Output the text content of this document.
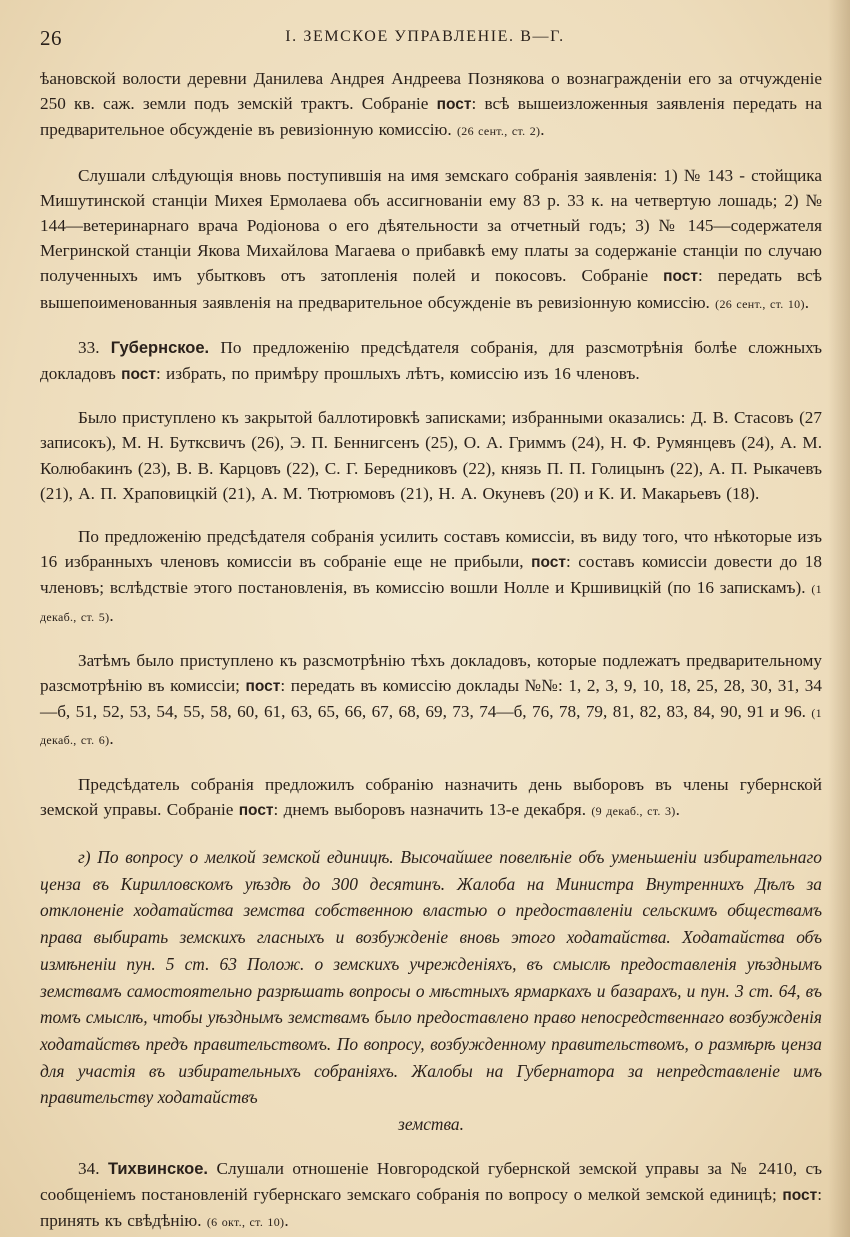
26	I. ЗЕМСКОЕ УПРАВЛЕНІЕ. В—Г.

ѣановской волости деревни Данилева Андрея Андреева Познякова о вознагражденіи его за отчужденіе 250 кв. саж. земли подъ земскій трактъ. Собраніе пост: всѣ вышеизложенныя заявленія передать на предварительное обсужденіе въ ревизіонную комиссію. (26 сент., ст. 2).

Слушали слѣдующія вновь поступившія на имя земскаго собранія заявленія: 1) № 143 - стойщика Мишутинской станціи Михея Ермолаева объ ассигнованіи ему 83 р. 33 к. на четвертую лошадь; 2) № 144—ветеринарнаго врача Родіонова о его дѣятельности за отчетный годъ; 3) № 145—содержателя Мегринской станціи Якова Михайлова Магаева о прибавкѣ ему платы за содержаніе станціи по случаю полученныхъ имъ убытковъ отъ затопленія полей и покосовъ. Собраніе пост: передать всѣ вышепоименованныя заявленія на предварительное обсужденіе въ ревизіонную комиссію. (26 сент., ст. 10).

33. Губернское. По предложенію предсѣдателя собранія, для разсмотрѣнія болѣе сложныхъ докладовъ пост: избрать, по примѣру прошлыхъ лѣтъ, комиссію изъ 16 членовъ.

Было приступлено къ закрытой баллотировкѣ записками; избранными оказались: Д. В. Стасовъ (27 записокъ), М. Н. Бутксвичъ (26), Э. П. Беннигсенъ (25), О. А. Гриммъ (24), Н. Ф. Румянцевъ (24), А. М. Колюбакинъ (23), В. В. Карцовъ (22), С. Г. Бередниковъ (22), князь П. П. Голицынъ (22), А. П. Рыкачевъ (21), А. П. Храповицкій (21), А. М. Тютрюмовъ (21), Н. А. Окуневъ (20) и К. И. Макарьевъ (18).

По предложенію предсѣдателя собранія усилить составъ комиссіи, въ виду того, что нѣкоторые изъ 16 избранныхъ членовъ комиссіи въ собраніе еще не прибыли, пост: составъ комиссіи довести до 18 членовъ; вслѣдствіе этого постановленія, въ комиссію вошли Нолле и Кршивицкій (по 16 запискамъ). (1 декаб., ст. 5).

Затѣмъ было приступлено къ разсмотрѣнію тѣхъ докладовъ, которые подлежатъ предварительному разсмотрѣнію въ комиссіи; пост: передать въ комиссію доклады №№: 1, 2, 3, 9, 10, 18, 25, 28, 30, 31, 34—б, 51, 52, 53, 54, 55, 58, 60, 61, 63, 65, 66, 67, 68, 69, 73, 74—б, 76, 78, 79, 81, 82, 83, 84, 90, 91 и 96. (1 декаб., ст. 6).

Предсѣдатель собранія предложилъ собранію назначить день выборовъ въ члены губернской земской управы. Собраніе пост: днемъ выборовъ назначить 13-е декабря. (9 декаб., ст. 3).

г) По вопросу о мелкой земской единицѣ. Высочайшее повелѣніе объ уменьшеніи избирательнаго ценза въ Кирилловскомъ уѣздѣ до 300 десятинъ. Жалоба на Министра Внутреннихъ Дѣлъ за отклоненіе ходатайства земства собственною властью о предоставленіи сельскимъ обществамъ права выбирать земскихъ гласныхъ и возбужденіе вновь этого ходатайства. Ходатайства объ измѣненіи пун. 5 ст. 63 Полож. о земскихъ учрежденіяхъ, въ смыслѣ предоставленія уѣзднымъ земствамъ самостоятельно разрѣшать вопросы о мѣстныхъ ярмаркахъ и базарахъ, и пун. 3 ст. 64, въ томъ смыслѣ, чтобы уѣзднымъ земствамъ было предоставлено право непосредственнаго возбужденія ходатайствъ предъ правительствомъ. По вопросу, возбужденному правительствомъ, о размѣрѣ ценза для участія въ избирательныхъ собраніяхъ. Жалобы на Губернатора за непредставленіе имъ правительству ходатайствъ
земства.

34. Тихвинское. Слушали отношеніе Новгородской губернской земской управы за № 2410, съ сообщеніемъ постановленій губернскаго земскаго собранія по вопросу о мелкой земской единицѣ; пост: принять къ свѣдѣнію. (6 окт., ст. 10).
